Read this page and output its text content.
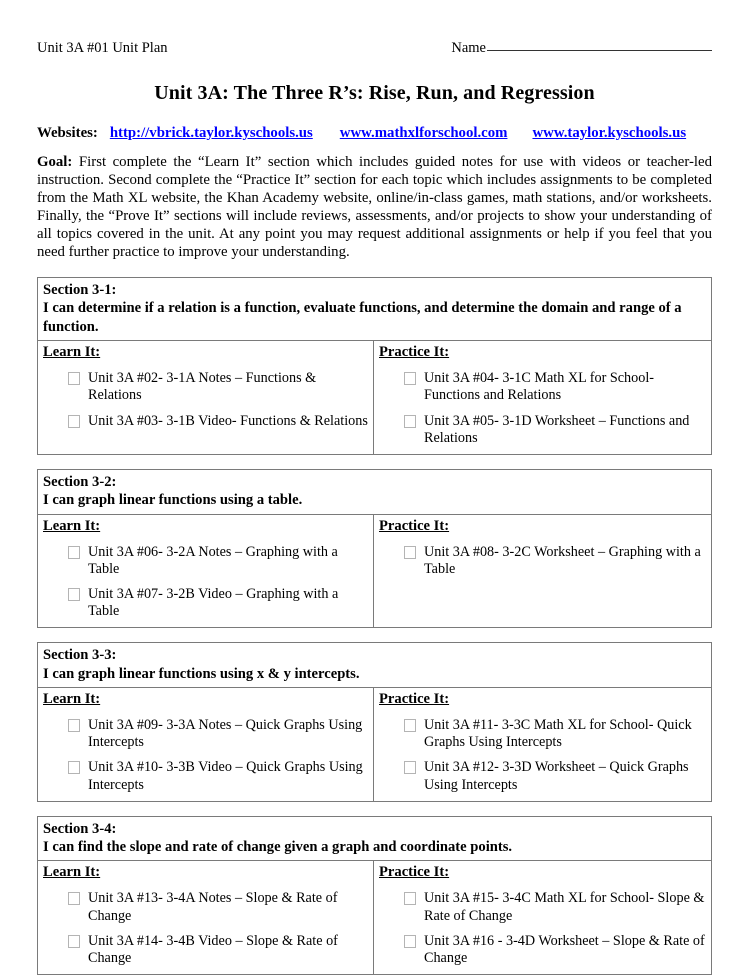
Unit 3A #01 Unit Plan	Name
Unit 3A: The Three R’s: Rise, Run, and Regression
Websites: http://vbrick.taylor.kyschools.us www.mathxlforschool.com www.taylor.kyschools.us

Goal: First complete the “Learn It” section which includes guided notes for use with videos or teacher-led instruction. Second complete the “Practice It” section for each topic which includes assignments to be completed from the Math XL website, the Khan Academy website, online/in-class games, math stations, and/or worksheets. Finally, the “Prove It” sections will include reviews, assessments, and/or projects to show your understanding of all topics covered in the unit. At any point you may request additional assignments or help if you feel that you need further practice to improve your understanding.

Section 3-1:
I can determine if a relation is a function, evaluate functions, and determine the domain and range of a function.
Learn It:
Unit 3A #02- 3-1A Notes – Functions & Relations
Unit 3A #03- 3-1B Video- Functions & Relations
Practice It:
Unit 3A #04- 3-1C Math XL for School- Functions and Relations
Unit 3A #05- 3-1D Worksheet – Functions and Relations
Section 3-2:
I can graph linear functions using a table.
Learn It:
Unit 3A #06- 3-2A Notes – Graphing with a Table
Unit 3A #07- 3-2B Video – Graphing with a Table
Practice It:
Unit 3A #08- 3-2C Worksheet – Graphing with a Table
Section 3-3:
I can graph linear functions using x & y intercepts.
Learn It:
Unit 3A #09- 3-3A Notes – Quick Graphs Using Intercepts
Unit 3A #10- 3-3B Video – Quick Graphs Using Intercepts
Practice It:
Unit 3A #11- 3-3C Math XL for School- Quick Graphs Using Intercepts
Unit 3A #12- 3-3D Worksheet – Quick Graphs Using Intercepts
Section 3-4:
I can find the slope and rate of change given a graph and coordinate points.
Learn It:
Unit 3A #13- 3-4A Notes – Slope & Rate of Change
Unit 3A #14- 3-4B Video – Slope & Rate of Change
Practice It:
Unit 3A #15- 3-4C Math XL for School- Slope & Rate of Change
Unit 3A #16 - 3-4D Worksheet – Slope & Rate of Change
